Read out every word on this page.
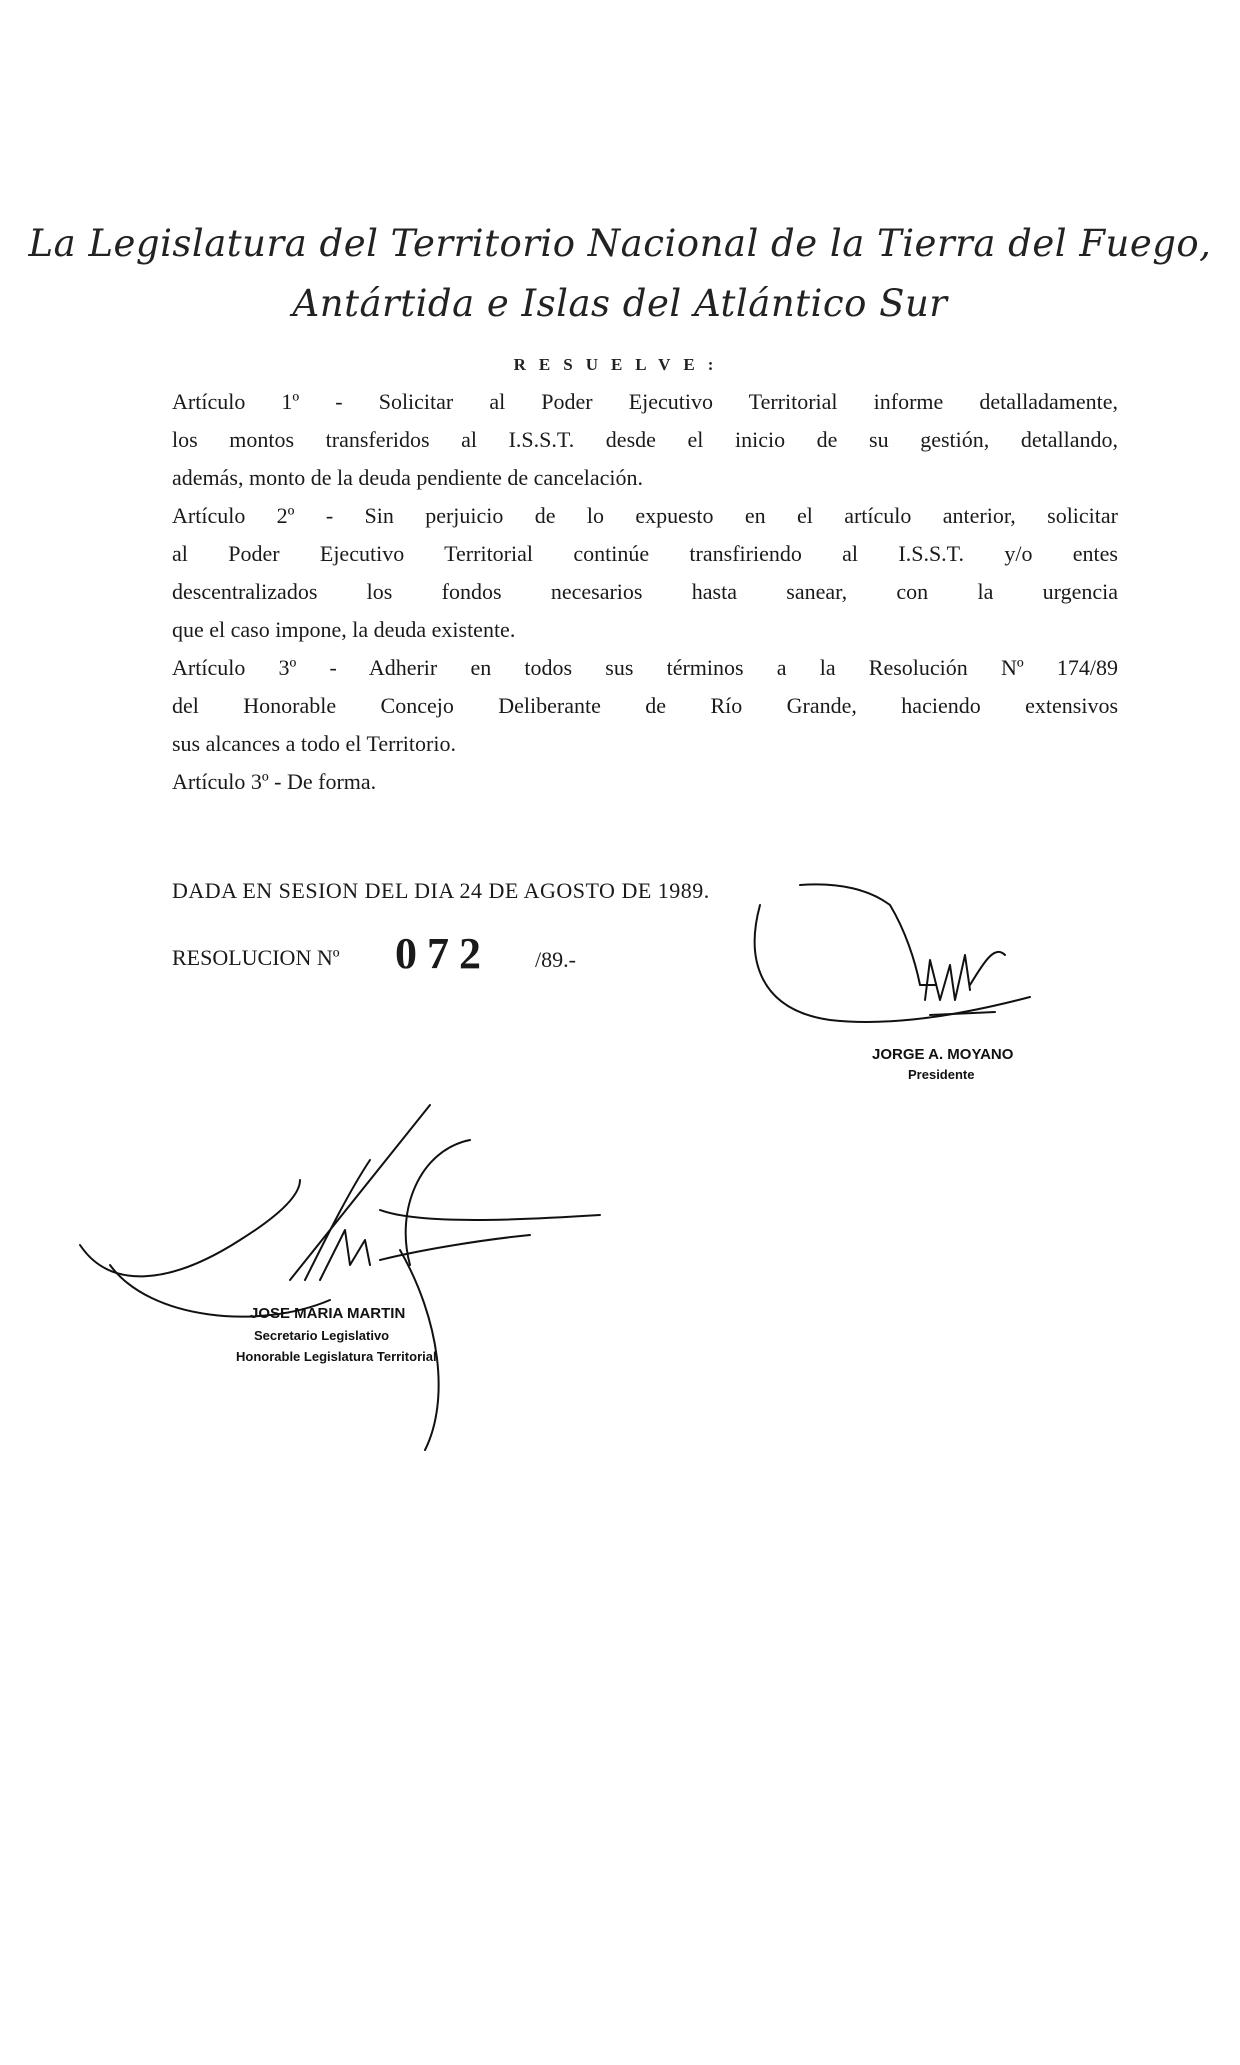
La Legislatura del Territorio Nacional de la Tierra del Fuego,
Antártida e Islas del Atlántico Sur
RESUELVE:
Artículo 1º - Solicitar al Poder Ejecutivo Territorial informe detalladamente,
los montos transferidos al I.S.S.T. desde el inicio de su gestión, detallando,
además, monto de la deuda pendiente de cancelación.
Artículo 2º - Sin perjuicio de lo expuesto en el artículo anterior, solicitar
al Poder Ejecutivo Territorial continúe transfiriendo al I.S.S.T. y/o entes
descentralizados los fondos necesarios hasta sanear, con la urgencia
que el caso impone, la deuda existente.
Artículo 3º - Adherir en todos sus términos a la Resolución Nº 174/89
del Honorable Concejo Deliberante de Río Grande, haciendo extensivos
sus alcances a todo el Territorio.
Artículo 3º - De forma.
DADA EN SESION DEL DIA 24 DE AGOSTO DE 1989.
RESOLUCION Nº 072 /89.-
JORGE A. MOYANO
Presidente
JOSE MARIA MARTIN
Secretario Legislativo
Honorable Legislatura Territorial
